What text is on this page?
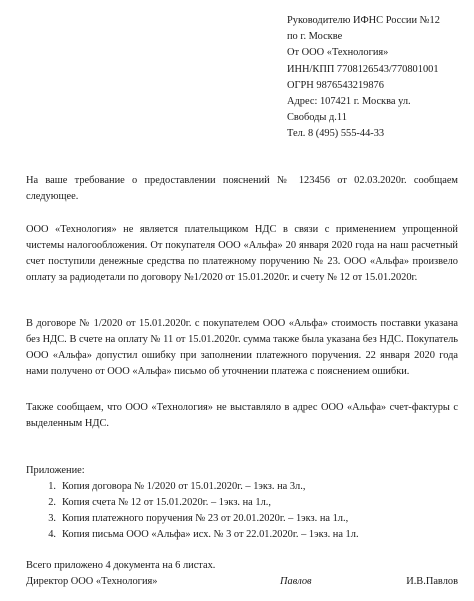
Руководителю ИФНС России №12
по г. Москве
От ООО «Технология»
ИНН/КПП 7708126543/770801001
ОГРН 9876543219876
Адрес: 107421 г. Москва ул.
Свободы д.11
Тел. 8 (495) 555-44-33
На ваше требование о предоставлении пояснений № 123456 от 02.03.2020г. сообщаем следующее.
ООО «Технология» не является плательщиком НДС в связи с применением упрощенной чистемы налогообложения. От покупателя ООО «Альфа» 20 января 2020 года на наш расчетный счет поступили денежные средства по платежному поручению № 23. ООО «Альфа» произвело оплату за радиодетали по договору №1/2020 от 15.01.2020г. и счету № 12 от 15.01.2020г.
В договоре № 1/2020 от 15.01.2020г. с покупателем ООО «Альфа» стоимость поставки указана без НДС. В счете на оплату № 11 от 15.01.2020г. сумма также была указана без НДС. Покупатель ООО «Альфа» допустил ошибку при заполнении платежного поручения. 22 января 2020 года нами получено от ООО «Альфа» письмо об уточнении платежа с пояснением ошибки.
Также сообщаем, что ООО «Технология» не выставляло в адрес ООО «Альфа» счет-фактуры с выделенным НДС.
Приложение:
1. Копия договора № 1/2020 от 15.01.2020г. – 1экз. на 3л.,
2. Копия счета № 12 от 15.01.2020г. – 1экз. на 1л.,
3. Копия платежного поручения № 23 от 20.01.2020г. – 1экз. на 1л.,
4. Копия письма ООО «Альфа» исх. № 3 от 22.01.2020г. – 1экз. на 1л.
Всего приложено 4 документа на 6 листах.
Директор ООО «Технология»	Павлов	И.В.Павлов
